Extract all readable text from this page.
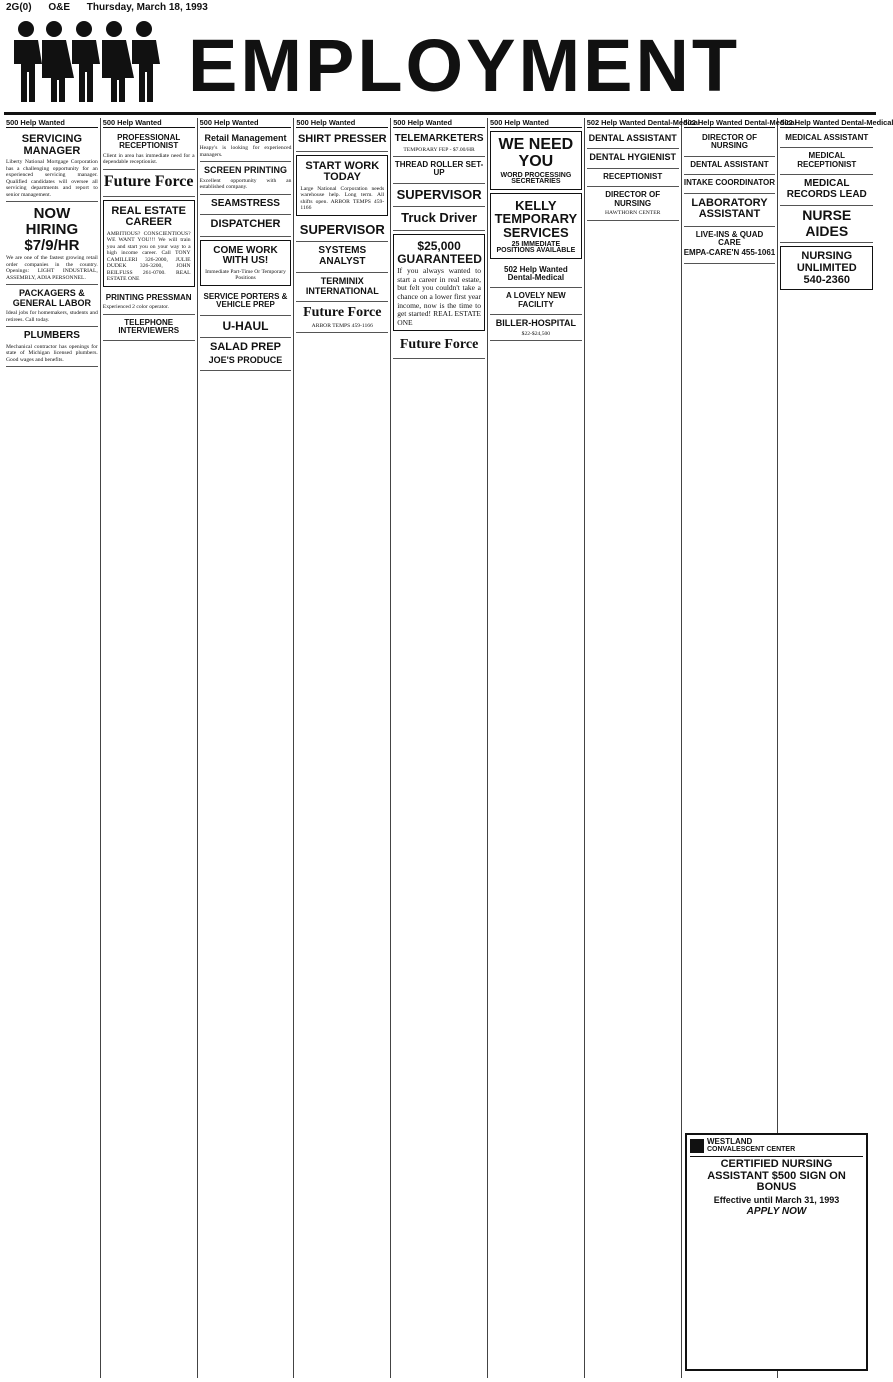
2G(0) O&E Thursday, March 18, 1993
EMPLOYMENT
500 Help Wanted
SERVICING MANAGER
Liberty National Mortgage Corporation has a challenging opportunity for an experienced servicing manager. Qualified candidates will oversee all servicing departments and report to senior management.
NOW HIRING $7/9/HR
We are one of the fastest growing retail order companies in the country. Openings: LIGHT INDUSTRIAL, ASSEMBLY, ADIA PERSONNEL.
PACKAGERS & GENERAL LABOR
Ideal jobs for homemakers, students and retirees. Call today.
PLUMBERS
Mechanical contractor has openings for state of Michigan licensed plumbers. Good wages and benefits.
500 Help Wanted
PROFESSIONAL RECEPTIONIST
Client in area has immediate need for a dependable receptionist.
Future Force
REAL ESTATE CAREER
AMBITIOUS? CONSCIENTIOUS? WE WANT YOU!!! We will train you and start you on your way to a high income career. Call TONY CAMILLERI 326-2000, JULIE DUDEK 326-3200, JOHN BEILFUSS 261-0700. REAL ESTATE ONE
PRINTING PRESSMAN
Experienced 2 color operator.
TELEPHONE INTERVIEWERS
500 Help Wanted
Retail Management
Heapy's is looking for experienced managers.
SCREEN PRINTING
Excellent opportunity with an established company.
SEAMSTRESS
DISPATCHER
COME WORK WITH US!
Immediate Part-Time Or Temporary Positions
SERVICE PORTERS & VEHICLE PREP
U-HAUL
SALAD PREP
JOE'S PRODUCE
500 Help Wanted
SHIRT PRESSER
START WORK TODAY
Large National Corporation needs warehouse help. Long term. All shifts open. ARBOR TEMPS 459-1166
SUPERVISOR
SYSTEMS ANALYST
TERMINIX INTERNATIONAL
Future Force
ARBOR TEMPS 459-1166
500 Help Wanted
TELEMARKETERS
TEMPORARY FEP - $7.00/HR
THREAD ROLLER SET-UP
SUPERVISOR
Truck Driver
$25,000 GUARANTEED
If you always wanted to start a career in real estate, but felt you couldn't take a chance on a lower first year income, now is the time to get started! REAL ESTATE ONE
Future Force
500 Help Wanted
WE NEED YOU
WORD PROCESSING SECRETARIES
KELLY TEMPORARY SERVICES
25 IMMEDIATE POSITIONS AVAILABLE
502 Help Wanted Dental-Medical
A LOVELY NEW FACILITY
BILLER-HOSPITAL
$22-$24,500
502 Help Wanted Dental-Medical
DENTAL ASSISTANT
DENTAL HYGIENIST
RECEPTIONIST
DIRECTOR OF NURSING
HAWTHORN CENTER
502 Help Wanted Dental-Medical
DIRECTOR OF NURSING
DENTAL ASSISTANT
INTAKE COORDINATOR
LABORATORY ASSISTANT
LIVE-INS & QUAD CARE
EMPA-CARE'N 455-1061
502 Help Wanted Dental-Medical
MEDICAL ASSISTANT
MEDICAL RECEPTIONIST
MEDICAL RECORDS LEAD
NURSE AIDES
NURSING UNLIMITED
540-2360
WESTLAND
CONVALESCENT CENTER
CERTIFIED NURSING ASSISTANT $500 SIGN ON BONUS
Effective until March 31, 1993
APPLY NOW
